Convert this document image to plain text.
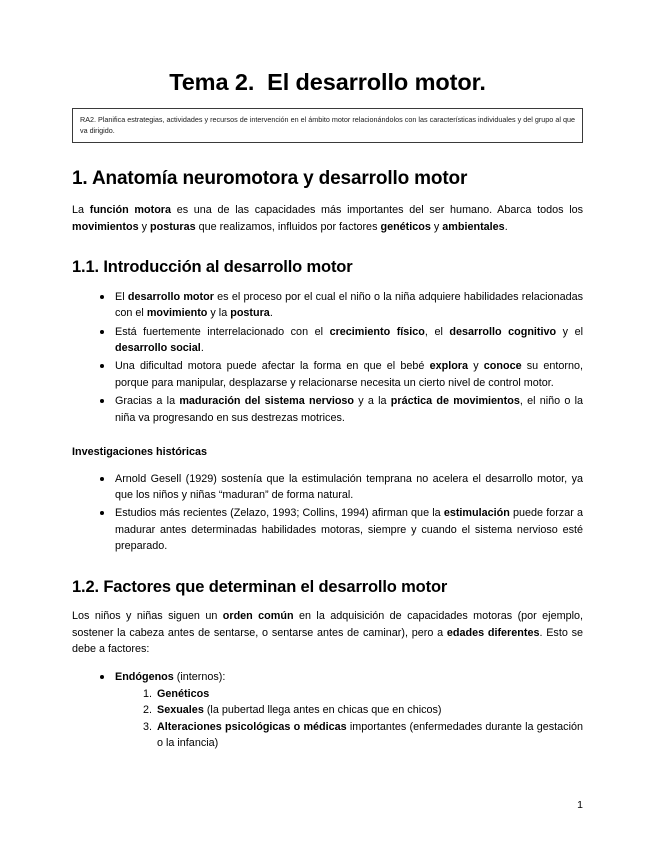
Tema 2.  El desarrollo motor.

RA2. Planifica estrategias, actividades y recursos de intervención en el ámbito motor relacionándolos con las características individuales y del grupo al que va dirigido.

1. Anatomía neuromotora y desarrollo motor

La función motora es una de las capacidades más importantes del ser humano. Abarca todos los movimientos y posturas que realizamos, influidos por factores genéticos y ambientales.

1.1. Introducción al desarrollo motor
El desarrollo motor es el proceso por el cual el niño o la niña adquiere habilidades relacionadas con el movimiento y la postura.
Está fuertemente interrelacionado con el crecimiento físico, el desarrollo cognitivo y el desarrollo social.
Una dificultad motora puede afectar la forma en que el bebé explora y conoce su entorno, porque para manipular, desplazarse y relacionarse necesita un cierto nivel de control motor.
Gracias a la maduración del sistema nervioso y a la práctica de movimientos, el niño o la niña va progresando en sus destrezas motrices.
Investigaciones históricas
Arnold Gesell (1929) sostenía que la estimulación temprana no acelera el desarrollo motor, ya que los niños y niñas “maduran” de forma natural.
Estudios más recientes (Zelazo, 1993; Collins, 1994) afirman que la estimulación puede forzar a madurar antes determinadas habilidades motoras, siempre y cuando el sistema nervioso esté preparado.
1.2. Factores que determinan el desarrollo motor

Los niños y niñas siguen un orden común en la adquisición de capacidades motoras (por ejemplo, sostener la cabeza antes de sentarse, o sentarse antes de caminar), pero a edades diferentes. Esto se debe a factores:

Endógenos (internos):
Genéticos
Sexuales (la pubertad llega antes en chicas que en chicos)
Alteraciones psicológicas o médicas importantes (enfermedades durante la gestación o la infancia)
1
